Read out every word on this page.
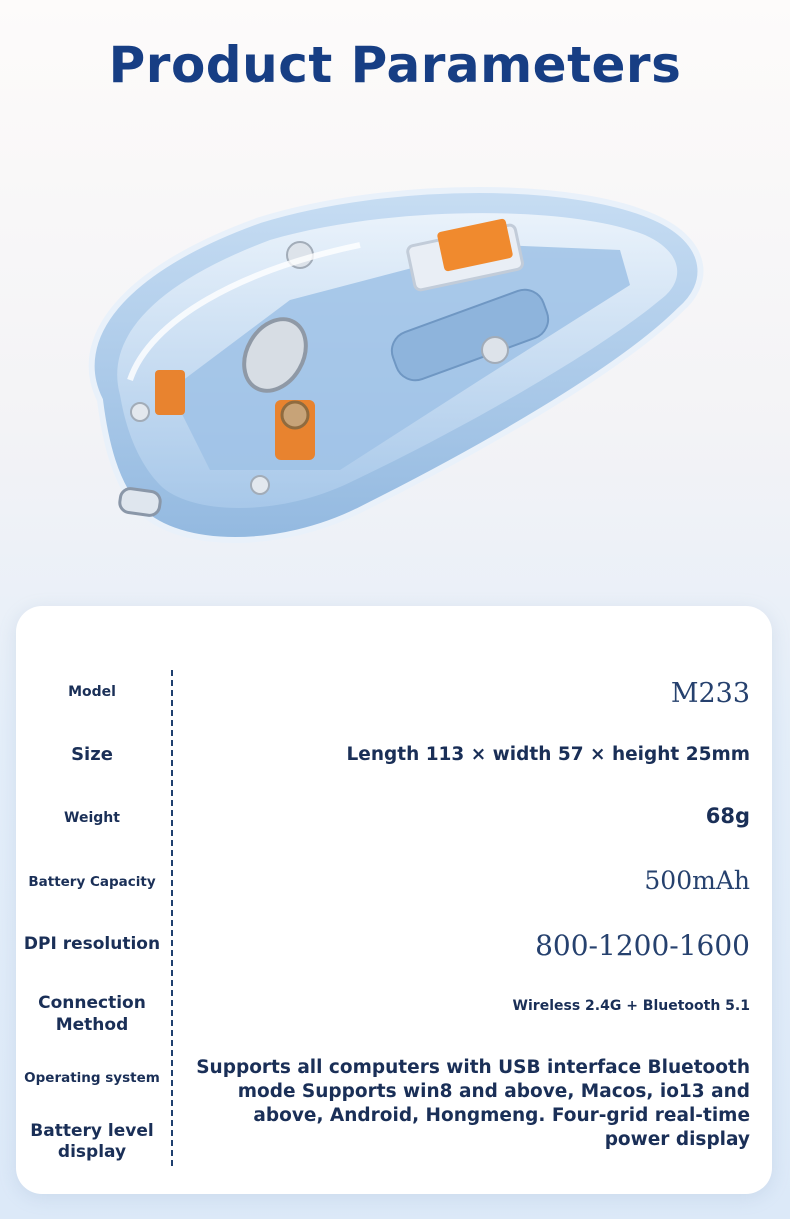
Product Parameters
Model
Size
Weight
Battery Capacity
DPI resolution
Connection Method
Operating system
Battery level display
M233
Length 113 × width 57 × height 25mm
68g
500mAh
800-1200-1600
Wireless 2.4G + Bluetooth 5.1
Supports all computers with USB interface Bluetooth mode Supports win8 and above, Macos, io13 and above, Android, Hongmeng. Four-grid real-time power display
